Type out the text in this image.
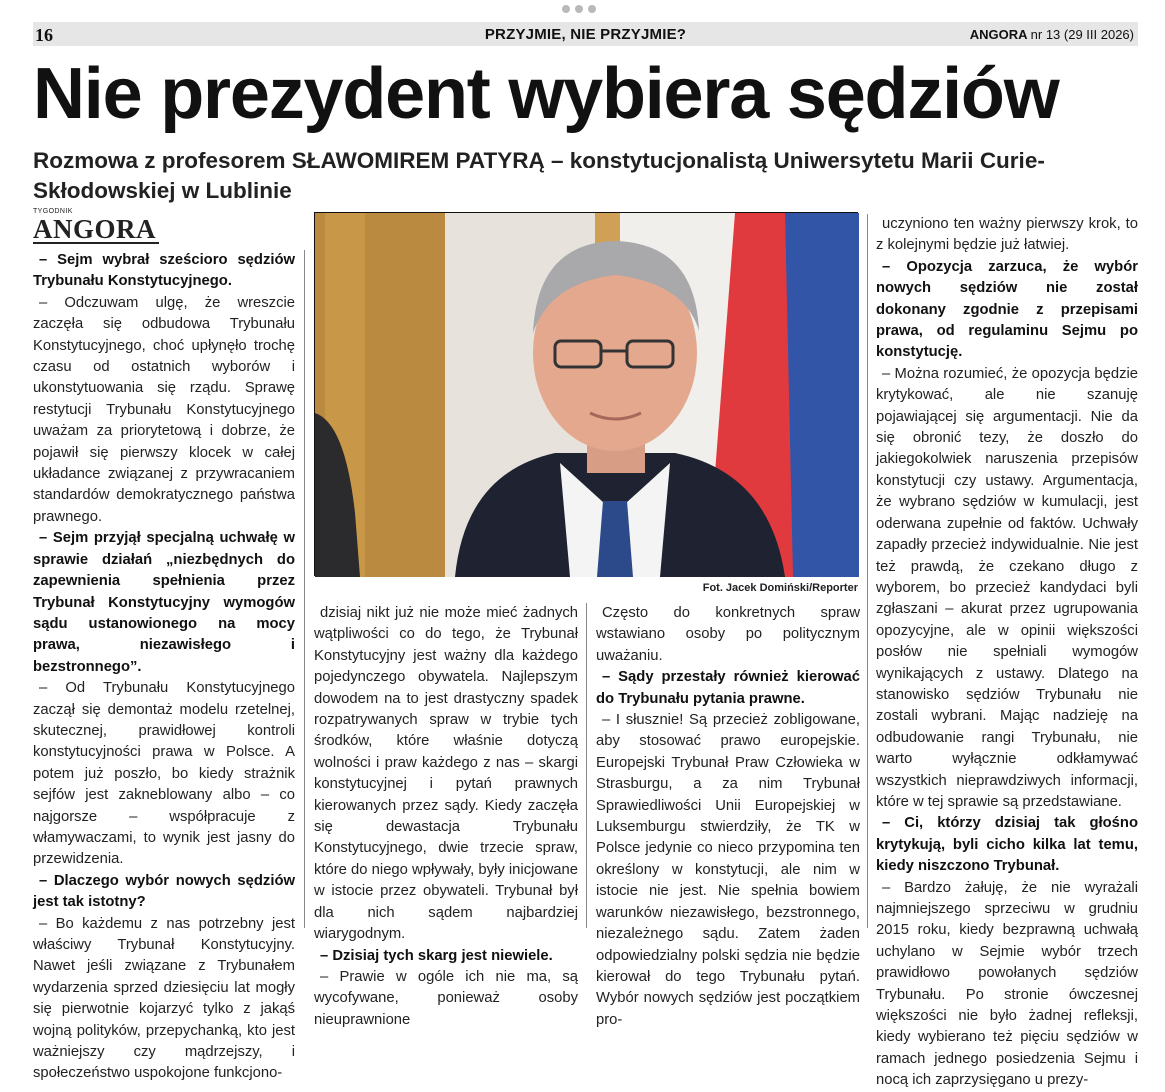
16	PRZYJMIE, NIE PRZYJMIE?	ANGORA nr 13 (29 III 2026)
Nie prezydent wybiera sędziów
Rozmowa z profesorem SŁAWOMIREM PATYRĄ – konstytucjonalistą Uniwersytetu Marii Curie-Skłodowskiej w Lublinie
TYGODNIK
ANGORA
Fot. Jacek Domiński/Reporter

– Sejm wybrał sześcioro sędziów Trybunału Konstytucyjnego.

– Odczuwam ulgę, że wreszcie zaczęła się odbudowa Trybunału Konstytucyjnego, choć upłynęło trochę czasu od ostatnich wyborów i ukonstytuowania się rządu. Sprawę restytucji Trybunału Konstytucyjnego uważam za priorytetową i dobrze, że pojawił się pierwszy klocek w całej układance związanej z przywracaniem standardów demokratycznego państwa prawnego.

– Sejm przyjął specjalną uchwałę w sprawie działań „niezbędnych do zapewnienia spełnienia przez Trybunał Konstytucyjny wymogów sądu ustanowionego na mocy prawa, niezawisłego i bezstronnego”.

– Od Trybunału Konstytucyjnego zaczął się demontaż modelu rzetelnej, skutecznej, prawidłowej kontroli konstytucyjności prawa w Polsce. A potem już poszło, bo kiedy strażnik sejfów jest zakneblowany albo – co najgorsze – współpracuje z włamywaczami, to wynik jest jasny do przewidzenia.

– Dlaczego wybór nowych sędziów jest tak istotny?

– Bo każdemu z nas potrzebny jest właściwy Trybunał Konstytucyjny. Nawet jeśli związane z Trybunałem wydarzenia sprzed dziesięciu lat mogły się pierwotnie kojarzyć tylko z jakąś wojną polityków, przepychanką, kto jest ważniejszy czy mądrzejszy, i społeczeństwo uspokojone funkcjono-

dzisiaj nikt już nie może mieć żadnych wątpliwości co do tego, że Trybunał Konstytucyjny jest ważny dla każdego pojedynczego obywatela. Najlepszym dowodem na to jest drastyczny spadek rozpatrywanych spraw w trybie tych środków, które właśnie dotyczą wolności i praw każdego z nas – skargi konstytucyjnej i pytań prawnych kierowanych przez sądy. Kiedy zaczęła się dewastacja Trybunału Konstytucyjnego, dwie trzecie spraw, które do niego wpływały, były inicjowane w istocie przez obywateli. Trybunał był dla nich sądem najbardziej wiarygodnym.

– Dzisiaj tych skarg jest niewiele.

– Prawie w ogóle ich nie ma, są wycofywane, ponieważ osoby nieuprawnione

Często do konkretnych spraw wstawiano osoby po politycznym uważaniu.

– Sądy przestały również kierować do Trybunału pytania prawne.

– I słusznie! Są przecież zobligowane, aby stosować prawo europejskie. Europejski Trybunał Praw Człowieka w Strasburgu, a za nim Trybunał Sprawiedliwości Unii Europejskiej w Luksemburgu stwierdziły, że TK w Polsce jedynie co nieco przypomina ten określony w konstytucji, ale nim w istocie nie jest. Nie spełnia bowiem warunków niezawisłego, bezstronnego, niezależnego sądu. Zatem żaden odpowiedzialny polski sędzia nie będzie kierował do tego Trybunału pytań. Wybór nowych sędziów jest początkiem pro-

uczyniono ten ważny pierwszy krok, to z kolejnymi będzie już łatwiej.

– Opozycja zarzuca, że wybór nowych sędziów nie został dokonany zgodnie z przepisami prawa, od regulaminu Sejmu po konstytucję.

– Można rozumieć, że opozycja będzie krytykować, ale nie szanuję pojawiającej się argumentacji. Nie da się obronić tezy, że doszło do jakiegokolwiek naruszenia przepisów konstytucji czy ustawy. Argumentacja, że wybrano sędziów w kumulacji, jest oderwana zupełnie od faktów. Uchwały zapadły przecież indywidualnie. Nie jest też prawdą, że czekano długo z wyborem, bo przecież kandydaci byli zgłaszani – akurat przez ugrupowania opozycyjne, ale w opinii większości posłów nie spełniali wymogów wynikających z ustawy. Dlatego na stanowisko sędziów Trybunału nie zostali wybrani. Mając nadzieję na odbudowanie rangi Trybunału, nie warto wyłącznie odkłamywać wszystkich nieprawdziwych informacji, które w tej sprawie są przedstawiane.

– Ci, którzy dzisiaj tak głośno krytykują, byli cicho kilka lat temu, kiedy niszczono Trybunał.

– Bardzo żałuję, że nie wyrażali najmniejszego sprzeciwu w grudniu 2015 roku, kiedy bezprawną uchwałą uchylano w Sejmie wybór trzech prawidłowo powołanych sędziów Trybunału. Po stronie ówczesnej większości nie było żadnej refleksji, kiedy wybierano też pięciu sędziów w ramach jednego posiedzenia Sejmu i nocą ich zaprzysięgano u prezy-
